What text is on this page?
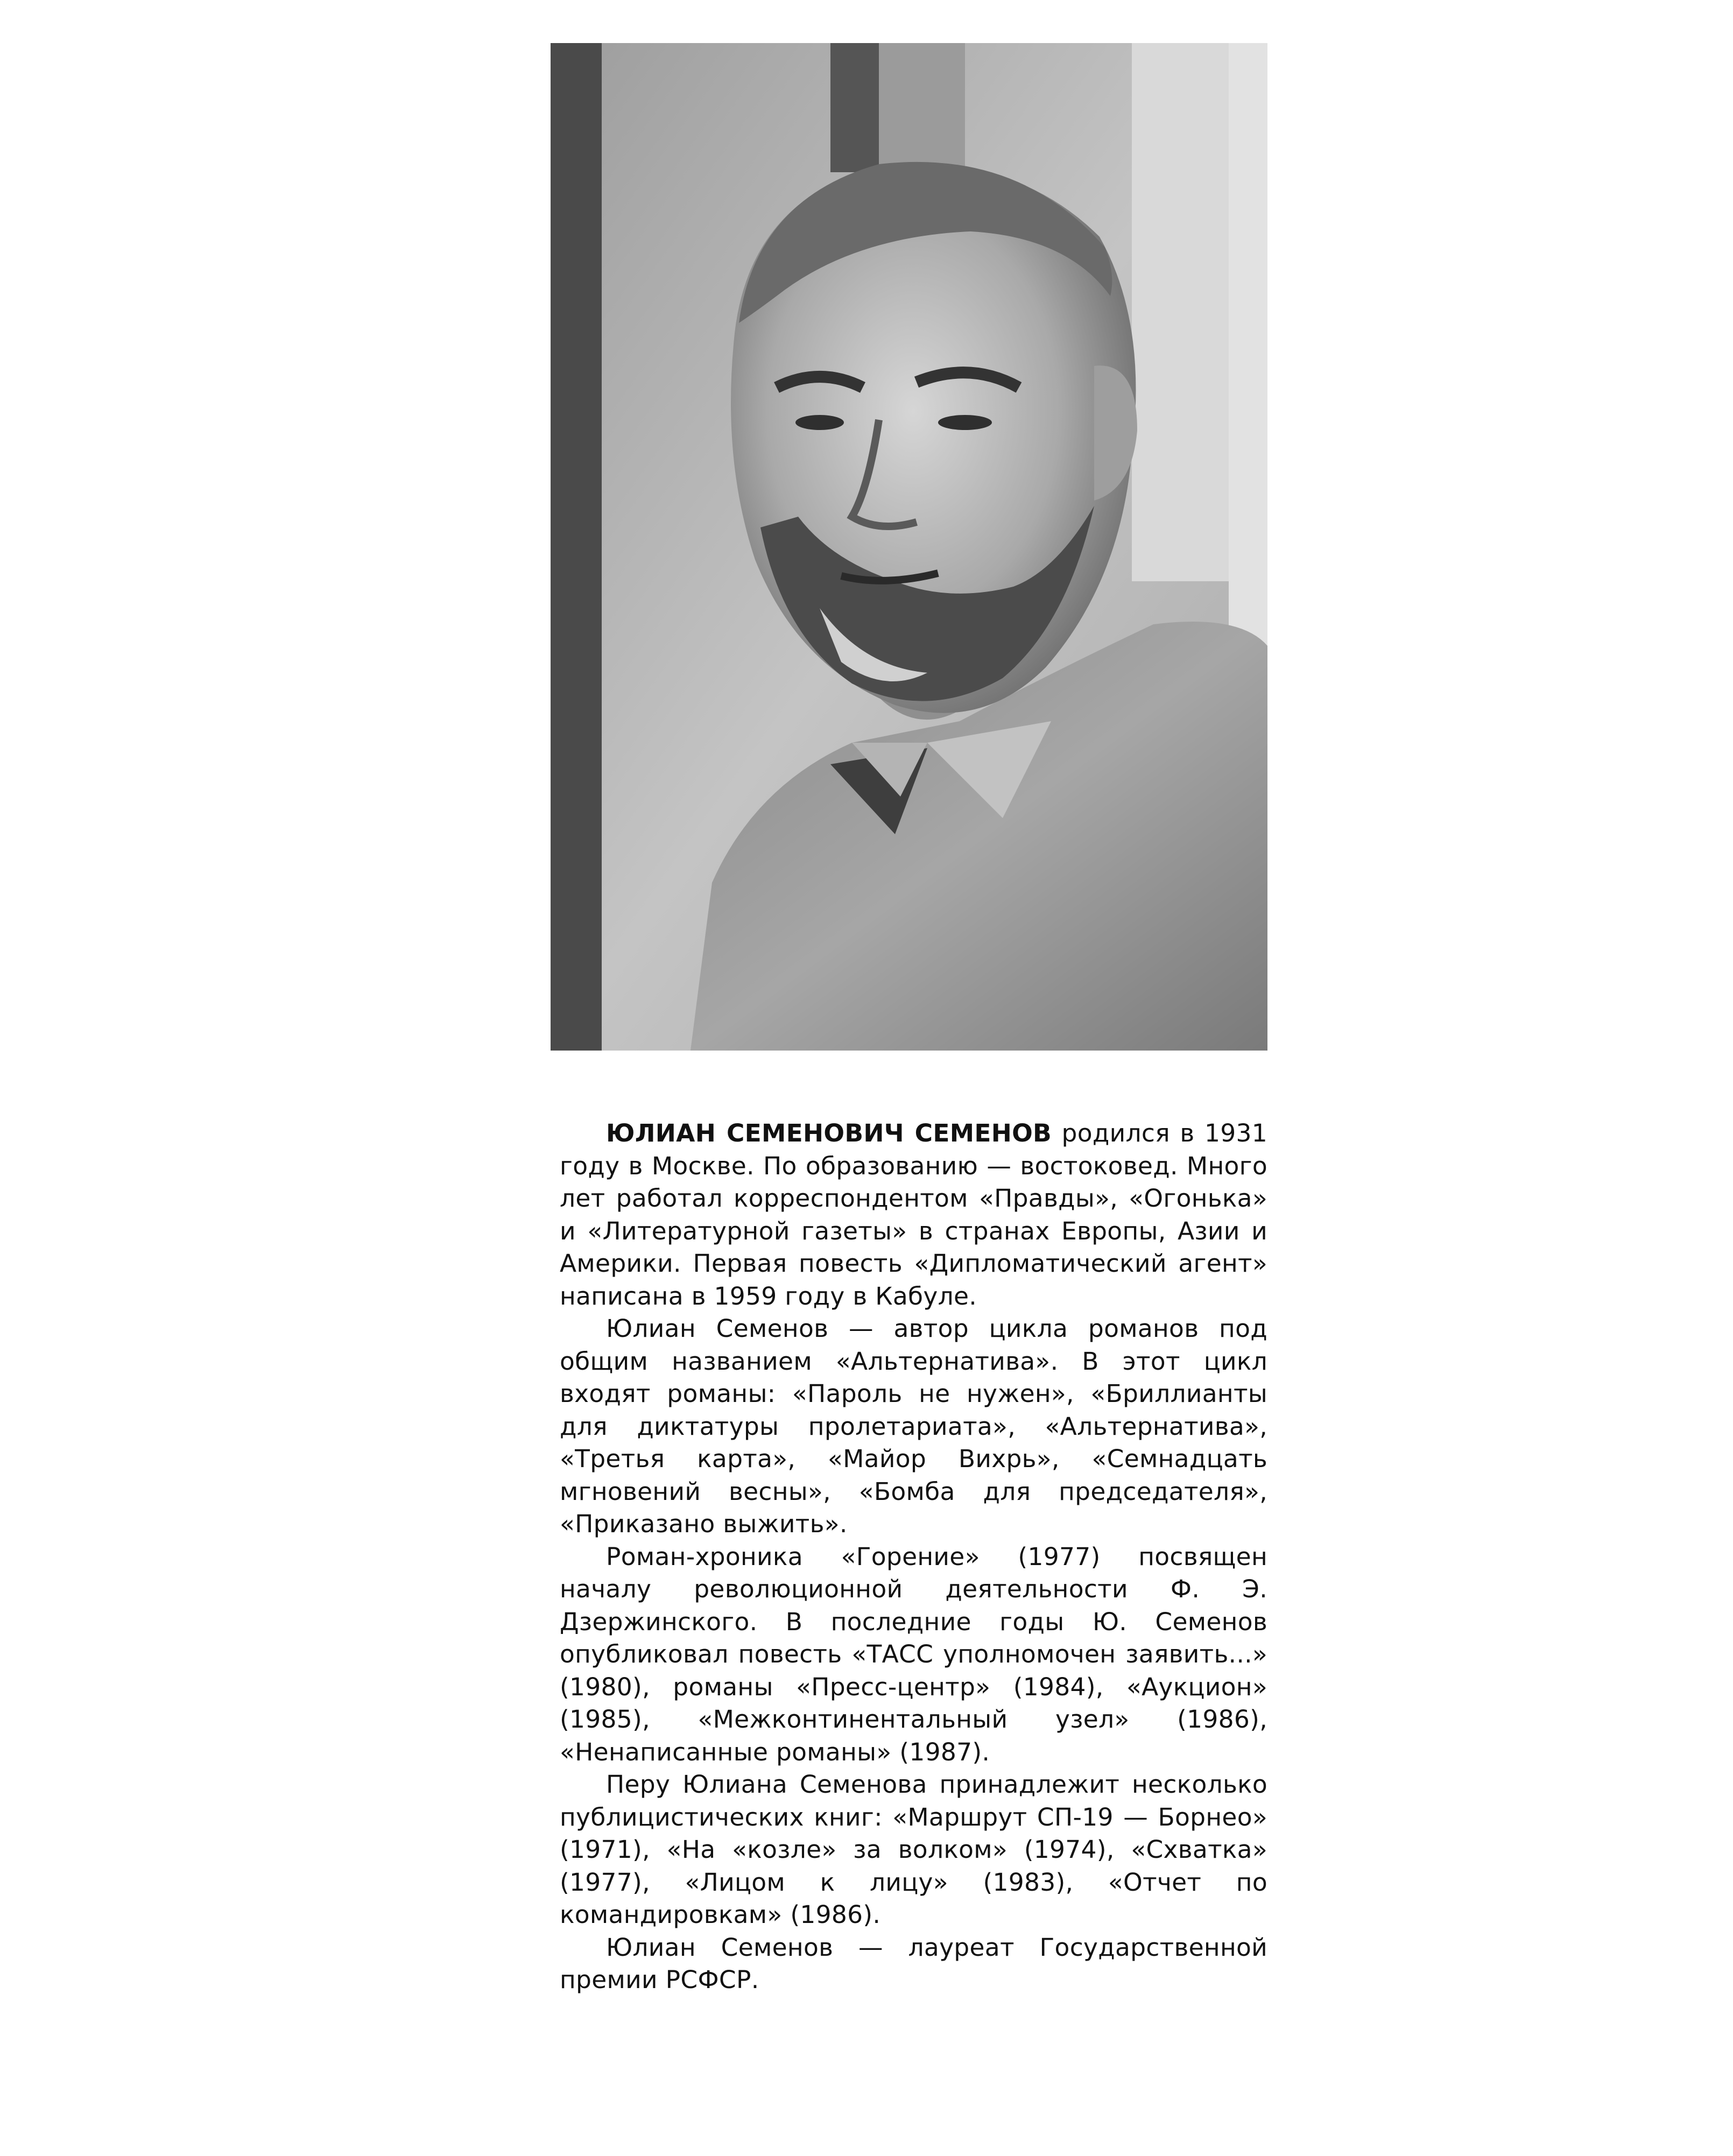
ЮЛИАН СЕМЕНОВИЧ СЕМЕНОВ родился в 1931 году в Москве. По образованию — востоковед. Много лет работал корреспондентом «Правды», «Огонька» и «Литературной газеты» в странах Европы, Азии и Америки. Первая повесть «Дипломатический агент» написана в 1959 году в Кабуле.

Юлиан Семенов — автор цикла романов под общим названием «Альтернатива». В этот цикл входят романы: «Пароль не нужен», «Бриллианты для диктатуры пролетариата», «Альтернатива», «Третья карта», «Майор Вихрь», «Семнадцать мгновений весны», «Бомба для председателя», «Приказано выжить».

Роман-хроника «Горение» (1977) посвящен началу революционной деятельности Ф. Э. Дзержинского. В последние годы Ю. Семенов опубликовал повесть «ТАСС уполномочен заявить...» (1980), романы «Пресс-центр» (1984), «Аукцион» (1985), «Межконтинентальный узел» (1986), «Ненаписанные романы» (1987).

Перу Юлиана Семенова принадлежит несколько публицистических книг: «Маршрут СП-19 — Борнео» (1971), «На «козле» за волком» (1974), «Схватка» (1977), «Лицом к лицу» (1983), «Отчет по командировкам» (1986).

Юлиан Семенов — лауреат Государственной премии РСФСР.
